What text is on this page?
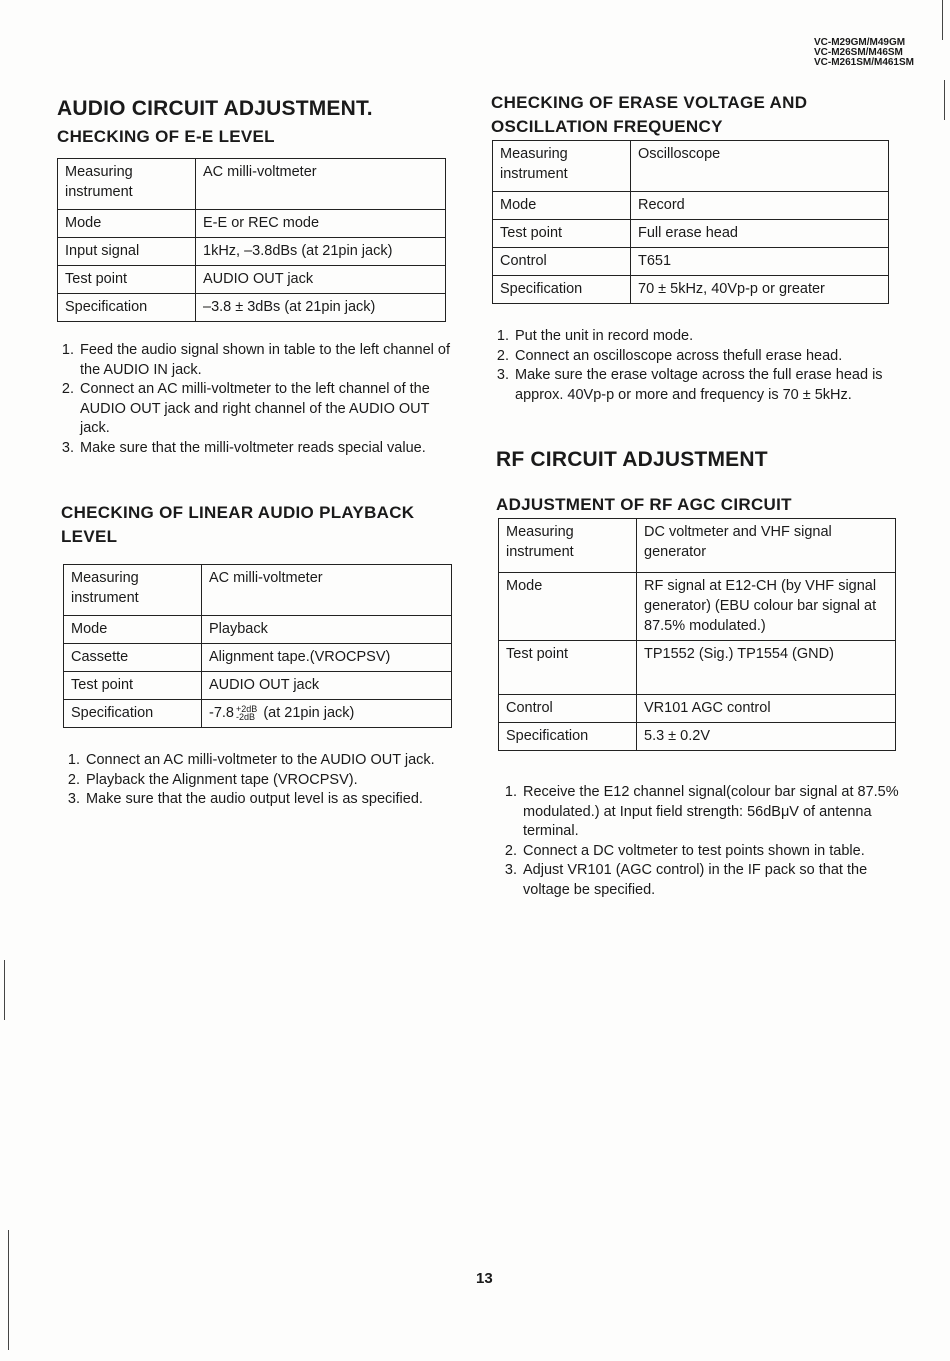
VC-M29GM/M49GM
VC-M26SM/M46SM
VC-M261SM/M461SM
AUDIO CIRCUIT ADJUSTMENT.
CHECKING OF E-E LEVEL
Measuring instrument	AC milli-voltmeter
Mode	E-E or REC mode
Input signal	1kHz, –3.8dBs (at 21pin jack)
Test point	AUDIO OUT jack
Specification	–3.8 ± 3dBs (at 21pin jack)
1. Feed the audio signal shown in table to the left channel of the AUDIO IN jack.
2. Connect an AC milli-voltmeter to the left channel of the AUDIO OUT jack and right channel of the AUDIO OUT jack.
3. Make sure that the milli-voltmeter reads special value.
CHECKING OF LINEAR AUDIO PLAYBACK
LEVEL
Measuring instrument	AC milli-voltmeter
Mode	Playback
Cassette	Alignment tape.(VROCPSV)
Test point	AUDIO OUT jack
Specification	-7.8 +2dB
-2dB (at 21pin jack)
1. Connect an AC milli-voltmeter to the AUDIO OUT jack.
2. Playback the Alignment tape (VROCPSV).
3. Make sure that the audio output level is as specified.
CHECKING OF ERASE VOLTAGE AND
OSCILLATION FREQUENCY
Measuring instrument	Oscilloscope
Mode	Record
Test point	Full erase head
Control	T651
Specification	70 ± 5kHz, 40Vp-p or greater
1. Put the unit in record mode.
2. Connect an oscilloscope across thefull erase head.
3. Make sure the erase voltage across the full erase head is approx. 40Vp-p or more and frequency is 70 ± 5kHz.
RF CIRCUIT ADJUSTMENT
ADJUSTMENT OF RF AGC CIRCUIT
Measuring instrument	DC voltmeter and VHF signal generator
Mode	RF signal at E12-CH (by VHF signal generator) (EBU colour bar signal at 87.5% modulated.)
Test point	TP1552 (Sig.) TP1554 (GND)
Control	VR101 AGC control
Specification	5.3 ± 0.2V
1. Receive the E12 channel signal(colour bar signal at 87.5% modulated.) at Input field strength: 56dBμV of antenna terminal.
2. Connect a DC voltmeter to test points shown in table.
3. Adjust VR101 (AGC control) in the IF pack so that the voltage be specified.
13
